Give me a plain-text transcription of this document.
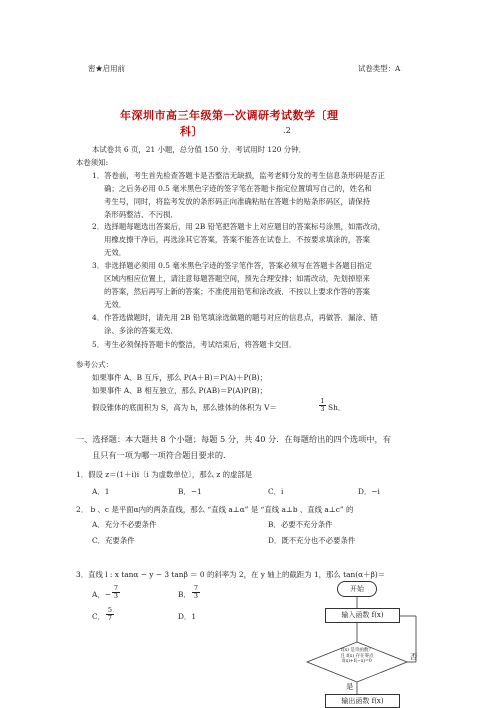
密★启用前	试卷类型：A
年深圳市高三年级第一次调研考试数学〔理
科〕	.2
本试卷共 6 页，21 小题，总分值 150 分．考试用时 120 分钟．
本卷须知:
1．答卷前，考生首先检查答题卡是否整洁无缺损，监考老师分发的考生信息条形码是否正
确；之后务必用 0.5 毫米黑色字迹的签字笔在答题卡指定位置填写自己的，姓名和
考生号，同时，将监考发放的条形码正向准确粘贴在答题卡的贴条形码区，请保持
条形码整洁、不污损．
2．选择题每题选出答案后，用 2B 铅笔把答题卡上对应题目的答案标号涂黑，如需改动，
用橡皮擦干净后，再选涂其它答案，答案不能答在试卷上．不按要求填涂的，答案
无效．
3．非选择题必须用 0.5 毫米黑色字迹的签字笔作答，答案必须写在答题卡各题目指定
区域内相应位置上，请注意每题答题空间，预先合理安排；如需改动，先划掉原来
的答案，然后再写上新的答案；不准使用铅笔和涂改液．不按以上要求作答的答案
无效．
4．作答选做题时，请先用 2B 铅笔填涂选做题的题号对应的信息点，再做答．漏涂、错
涂、多涂的答案无效．
5．考生必须保持答题卡的整洁，考试结束后，将答题卡交回．
参考公式：
如果事件 A、B 互斥，那么 P(A＋B)＝P(A)＋P(B)；
如果事件 A、B 相互独立，那么 P(AB)＝P(A)P(B)；
假设锥体的底面积为 S，高为 h，那么锥体的体积为 V＝	$\frac{1}{3}$ Sh．
一、选择题：本大题共 8 个小题；每题 5 分，共 40 分．在每题给出的四个选项中，有
且只有一项为哪一项符合题目要求的.
1．假设 z＝(1＋i)i〔i 为虚数单位〕，那么 z 的虚部是
A．1	B．−1	C．i	D．−i
2． b 、c 是平面α内的两条直线，那么 “直线 a⊥α” 是 “直线 a⊥b 、直线 a⊥c” 的
A．充分不必要条件	B．必要不充分条件
C．充要条件	D．既不充分也不必要条件
3．直线 l : x tanα − y − 3 tanβ ＝ 0 的斜率为 2，在 y 轴上的截距为 1，那么 tan(α＋β)＝
A．− $\frac{7}{3}$	B． $\frac{7}{3}$
C． $\frac{5}{7}$	D．1
开始
输入函数 f(x)
f(x) 是奇函数？
且 f(x) 存在零点
f(x)+f(−x)=0
否
是
输出函数 f(x)
